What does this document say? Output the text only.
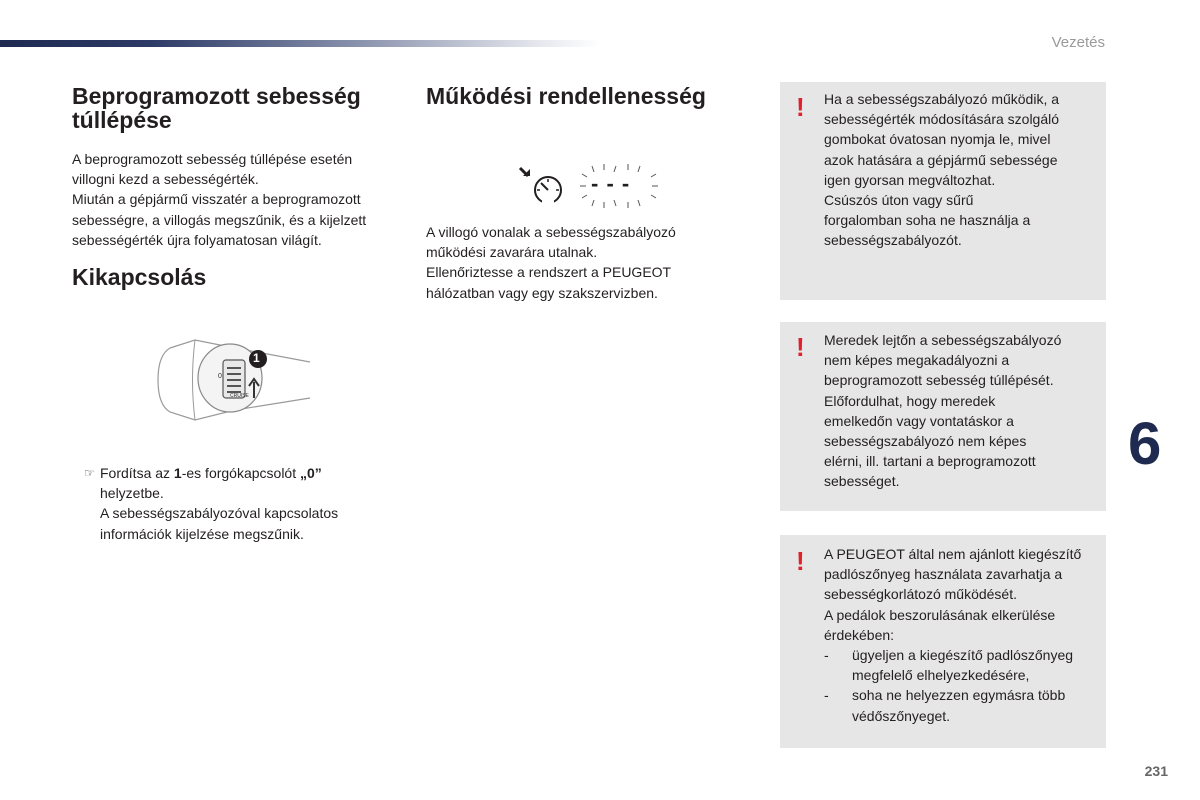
Vezetés
Beprogramozott sebesség
túllépése
A beprogramozott sebesség túllépése esetén
villogni kezd a sebességérték.
Miután a gépjármű visszatér a beprogramozott
sebességre, a villogás megszűnik, és a kijelzett
sebességérték újra folyamatosan világít.
Kikapcsolás
1
0
CRUISE
☞ Fordítsa az 1-es forgókapcsolót „0”
helyzetbe.
A sebességszabályozóval kapcsolatos
információk kijelzése megszűnik.
Működési rendellenesség
- - -
A villogó vonalak a sebességszabályozó
működési zavarára utalnak.
Ellenőriztesse a rendszert a PEUGEOT
hálózatban vagy egy szakszervizben.
! Ha a sebességszabályozó működik, a
sebességérték módosítására szolgáló
gombokat óvatosan nyomja le, mivel
azok hatására a gépjármű sebessége
igen gyorsan megváltozhat.
Csúszós úton vagy sűrű
forgalomban soha ne használja a
sebességszabályozót.
! Meredek lejtőn a sebességszabályozó
nem képes megakadályozni a
beprogramozott sebesség túllépését.
Előfordulhat, hogy meredek
emelkedőn vagy vontatáskor a
sebességszabályozó nem képes
elérni, ill. tartani a beprogramozott
sebességet.
! A PEUGEOT által nem ajánlott kiegészítő
padlószőnyeg használata zavarhatja a
sebességkorlátozó működését.
A pedálok beszorulásának elkerülése
érdekében:
- ügyeljen a kiegészítő padlószőnyeg
megfelelő elhelyezkedésére,
- soha ne helyezzen egymásra több
védőszőnyeget.
6
231
